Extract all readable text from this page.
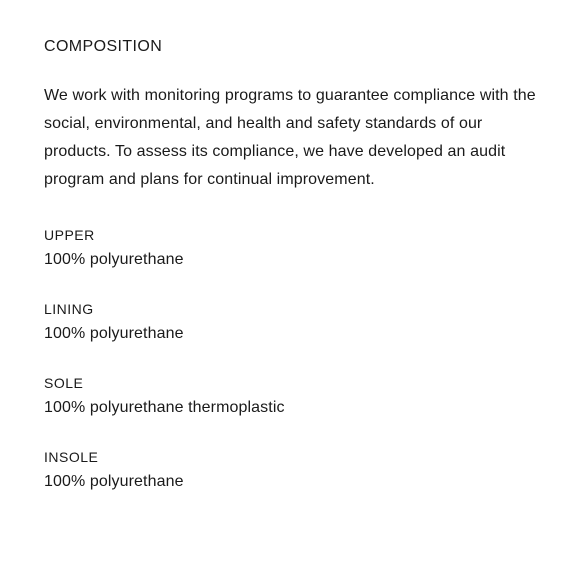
COMPOSITION

We work with monitoring programs to guarantee compliance with the social, environmental, and health and safety standards of our products. To assess its compliance, we have developed an audit program and plans for continual improvement.

UPPER
100% polyurethane
LINING
100% polyurethane
SOLE
100% polyurethane thermoplastic
INSOLE
100% polyurethane
